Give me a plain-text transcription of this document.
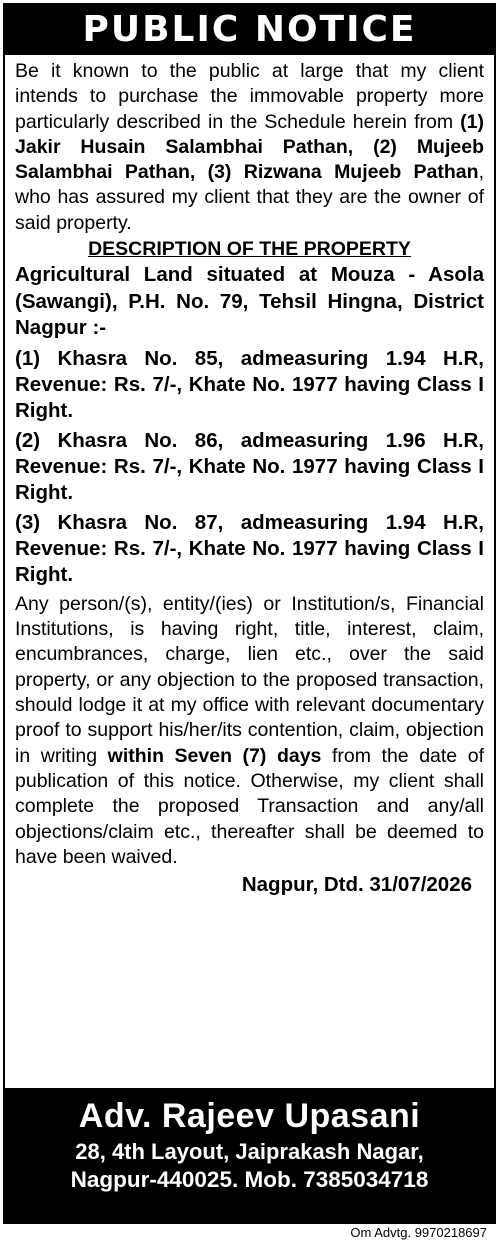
PUBLIC NOTICE
Be it known to the public at large that my client intends to purchase the immovable property more particularly described in the Schedule herein from (1) Jakir Husain Salambhai Pathan, (2) Mujeeb Salambhai Pathan, (3) Rizwana Mujeeb Pathan, who has assured my client that they are the owner of said property.
DESCRIPTION OF THE PROPERTY
Agricultural Land situated at Mouza - Asola (Sawangi), P.H. No. 79, Tehsil Hingna, District Nagpur :-
(1) Khasra No. 85, admeasuring 1.94 H.R, Revenue: Rs. 7/-, Khate No. 1977 having Class I Right.
(2) Khasra No. 86, admeasuring 1.96 H.R, Revenue: Rs. 7/-, Khate No. 1977 having Class I Right.
(3) Khasra No. 87, admeasuring 1.94 H.R, Revenue: Rs. 7/-, Khate No. 1977 having Class I Right.
Any person/(s), entity/(ies) or Institution/s, Financial Institutions, is having right, title, interest, claim, encumbrances, charge, lien etc., over the said property, or any objection to the proposed transaction, should lodge it at my office with relevant documentary proof to support his/her/its contention, claim, objection in writing within Seven (7) days from the date of publication of this notice. Otherwise, my client shall complete the proposed Transaction and any/all objections/claim etc., thereafter shall be deemed to have been waived.
Nagpur, Dtd. 31/07/2026
Adv. Rajeev Upasani
28, 4th Layout, Jaiprakash Nagar,
Nagpur-440025. Mob. 7385034718
Om Advtg. 9970218697
